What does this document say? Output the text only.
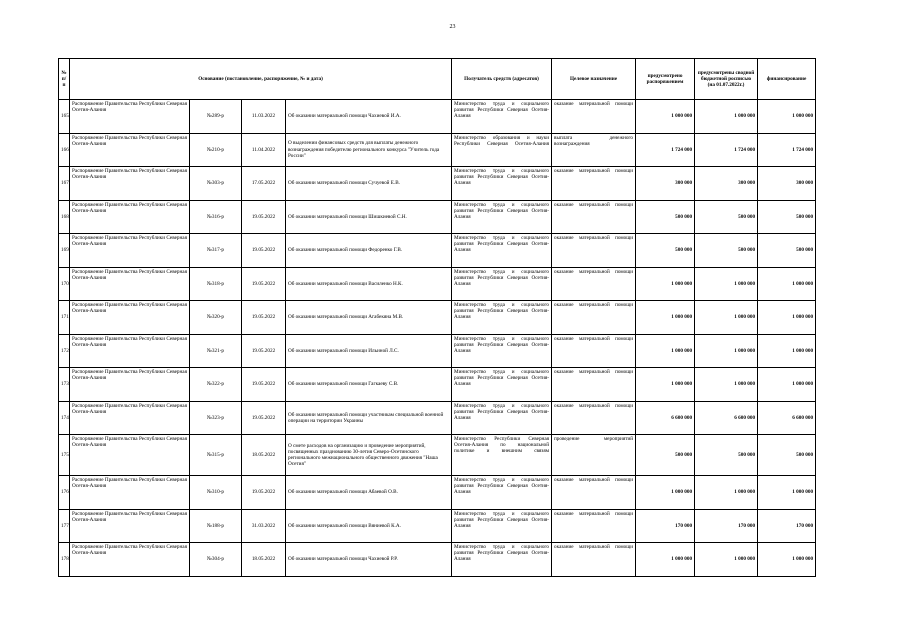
23
№ п/п	Основание (постановление, распоряжение, № и дата)				Получатель средств (адресатов)	Целевое назначение	предусмотрено распоряжением	предусмотрены сводной бюджетной росписью (на 01.07.2022г.)	финансирование
165	Распоряжение Правительства Республики Северная Осетия-Алания	№289-р	11.03.2022	Об оказании материальной помощи Чахиевой И.А.	Министерство труда и социального развития Республики Северная Осетия-Алания	оказание материальной помощи	1 000 000	1 000 000	1 000 000
166	Распоряжение Правительства Республики Северная Осетия-Алания	№210-р	11.04.2022	О выделении финансовых средств для выплаты денежного вознаграждения победителю регионального конкурса "Учитель года России"	Министерство образования и науки Республики Северная Осетия-Алания	выплата денежного вознаграждения	1 724 000	1 724 000	1 724 000
167	Распоряжение Правительства Республики Северная Осетия-Алания	№303-р	17.05.2022	Об оказании материальной помощи Сучуевой Е.В.	Министерство труда и социального развития Республики Северная Осетия-Алания	оказание материальной помощи	300 000	300 000	300 000
168	Распоряжение Правительства Республики Северная Осетия-Алания	№316-р	19.05.2022	Об оказании материальной помощи Шишкиевой С.Н.	Министерство труда и социального развития Республики Северная Осетия-Алания	оказание материальной помощи	500 000	500 000	500 000
169	Распоряжение Правительства Республики Северная Осетия-Алания	№317-р	19.05.2022	Об оказании материальной помощи Федоренко Г.В.	Министерство труда и социального развития Республики Северная Осетия-Алания	оказание материальной помощи	500 000	500 000	500 000
170	Распоряжение Правительства Республики Северная Осетия-Алания	№318-р	19.05.2022	Об оказании материальной помощи Василенко Н.К.	Министерство труда и социального развития Республики Северная Осетия-Алания	оказание материальной помощи	1 000 000	1 000 000	1 000 000
171	Распоряжение Правительства Республики Северная Осетия-Алания	№320-р	19.05.2022	Об оказании материальной помощи Агабекяна М.В.	Министерство труда и социального развития Республики Северная Осетия-Алания	оказание материальной помощи	1 000 000	1 000 000	1 000 000
172	Распоряжение Правительства Республики Северная Осетия-Алания	№321-р	19.05.2022	Об оказании материальной помощи Ильиной Л.С.	Министерство труда и социального развития Республики Северная Осетия-Алания	оказание материальной помощи	1 000 000	1 000 000	1 000 000
173	Распоряжение Правительства Республики Северная Осетия-Алания	№322-р	19.05.2022	Об оказании материальной помощи Гагкаеву С.В.	Министерство труда и социального развития Республики Северная Осетия-Алания	оказание материальной помощи	1 000 000	1 000 000	1 000 000
174	Распоряжение Правительства Республики Северная Осетия-Алания	№323-р	19.05.2022	Об оказании материальной помощи участникам специальной военной операции на территории Украины	Министерство труда и социального развития Республики Северная Осетия-Алания	оказание материальной помощи	6 600 000	6 600 000	6 600 000
175	Распоряжение Правительства Республики Северная Осетия-Алания	№315-р	18.05.2022	О смете расходов на организацию и проведение мероприятий, посвященных празднованию 30-летия Северо-Осетинского регионального межнационального общественного движения "Наша Осетия"	Министерство Республики Северная Осетия-Алания по национальной политике и внешним связям	проведение мероприятий	500 000	500 000	500 000
176	Распоряжение Правительства Республики Северная Осетия-Алания	№310-р	19.05.2022	Об оказании материальной помощи Абаевой О.В.	Министерство труда и социального развития Республики Северная Осетия-Алания	оказание материальной помощи	1 000 000	1 000 000	1 000 000
177	Распоряжение Правительства Республики Северная Осетия-Алания	№188-р	31.03.2022	Об оказании материальной помощи Вяниевой К.А.	Министерство труда и социального развития Республики Северная Осетия-Алания	оказание материальной помощи	170 000	170 000	170 000
178	Распоряжение Правительства Республики Северная Осетия-Алания	№304-р	18.05.2022	Об оказании материальной помощи Чахиевой Р.Р.	Министерство труда и социального развития Республики Северная Осетия-Алания	оказание материальной помощи	1 000 000	1 000 000	1 000 000
